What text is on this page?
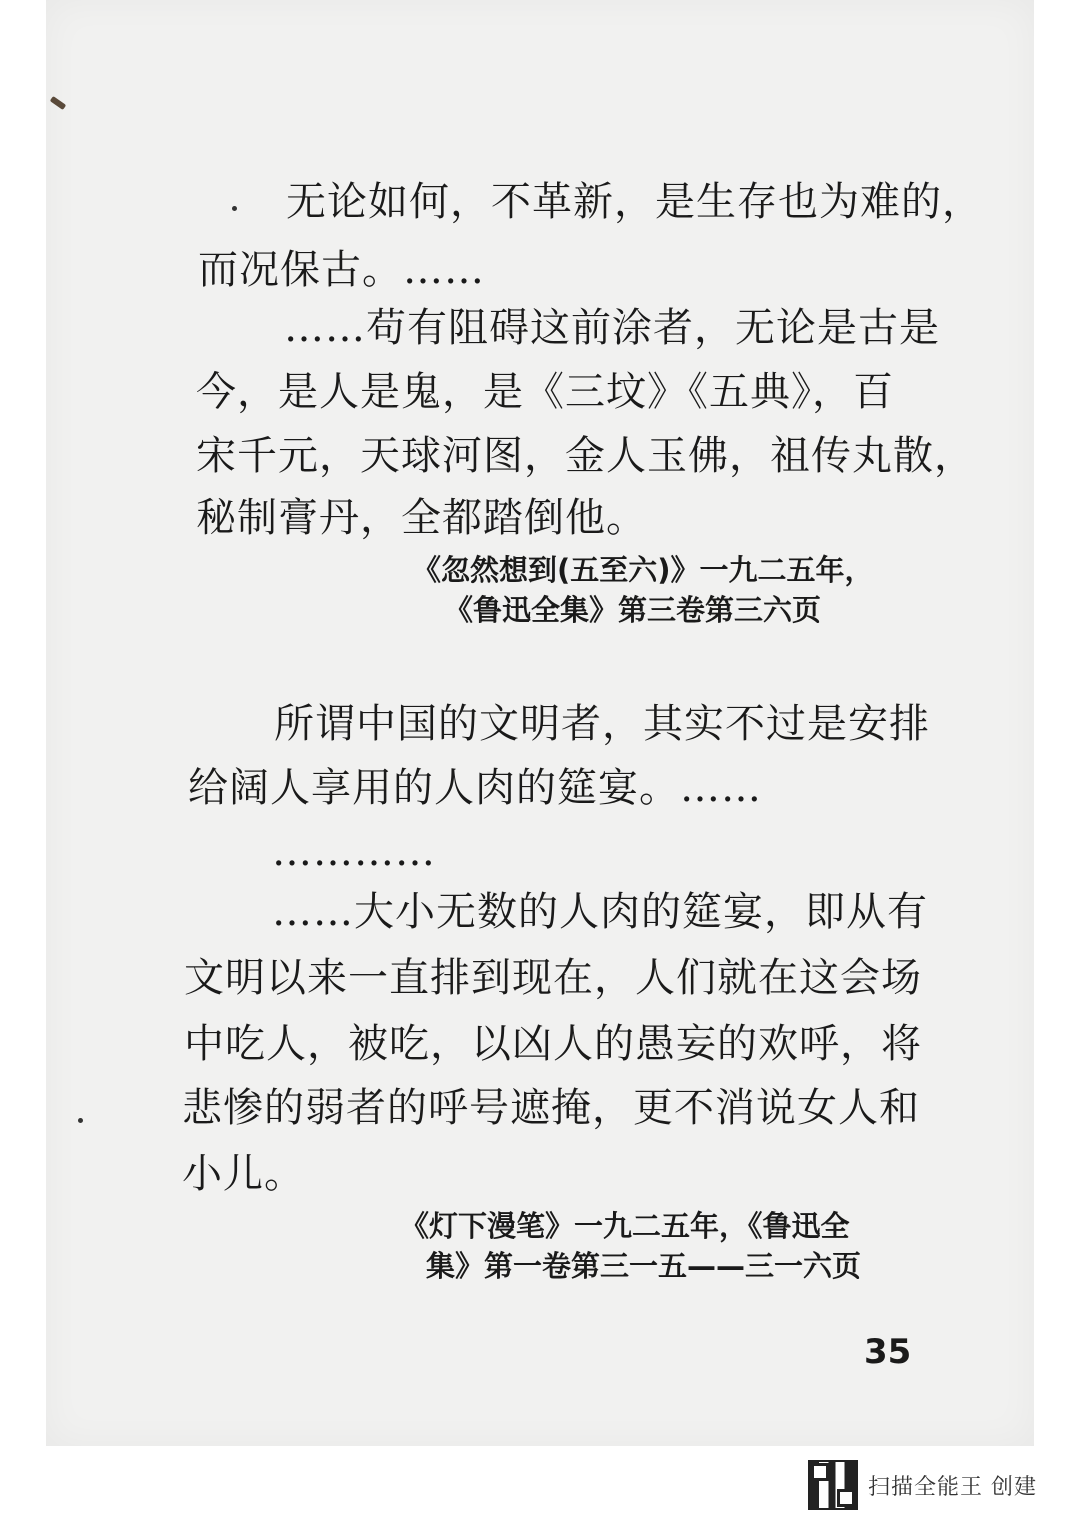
无论如何，不革新，是生存也为难的，
而况保古。……
……苟有阻碍这前涂者，无论是古是
今，是人是鬼，是《三坟》《五典》，百
宋千元，天球河图，金人玉佛，祖传丸散，
秘制膏丹，全都踏倒他。
《忽然想到(五至六)》一九二五年，
《鲁迅全集》第三卷第三六页
所谓中国的文明者，其实不过是安排
给阔人享用的人肉的筵宴。……
…………
……大小无数的人肉的筵宴，即从有
文明以来一直排到现在，人们就在这会场
中吃人，被吃，以凶人的愚妄的欢呼，将
悲惨的弱者的呼号遮掩，更不消说女人和
小儿。
《灯下漫笔》一九二五年，《鲁迅全
集》第一卷第三一五——三一六页
35
扫描全能王 创建
